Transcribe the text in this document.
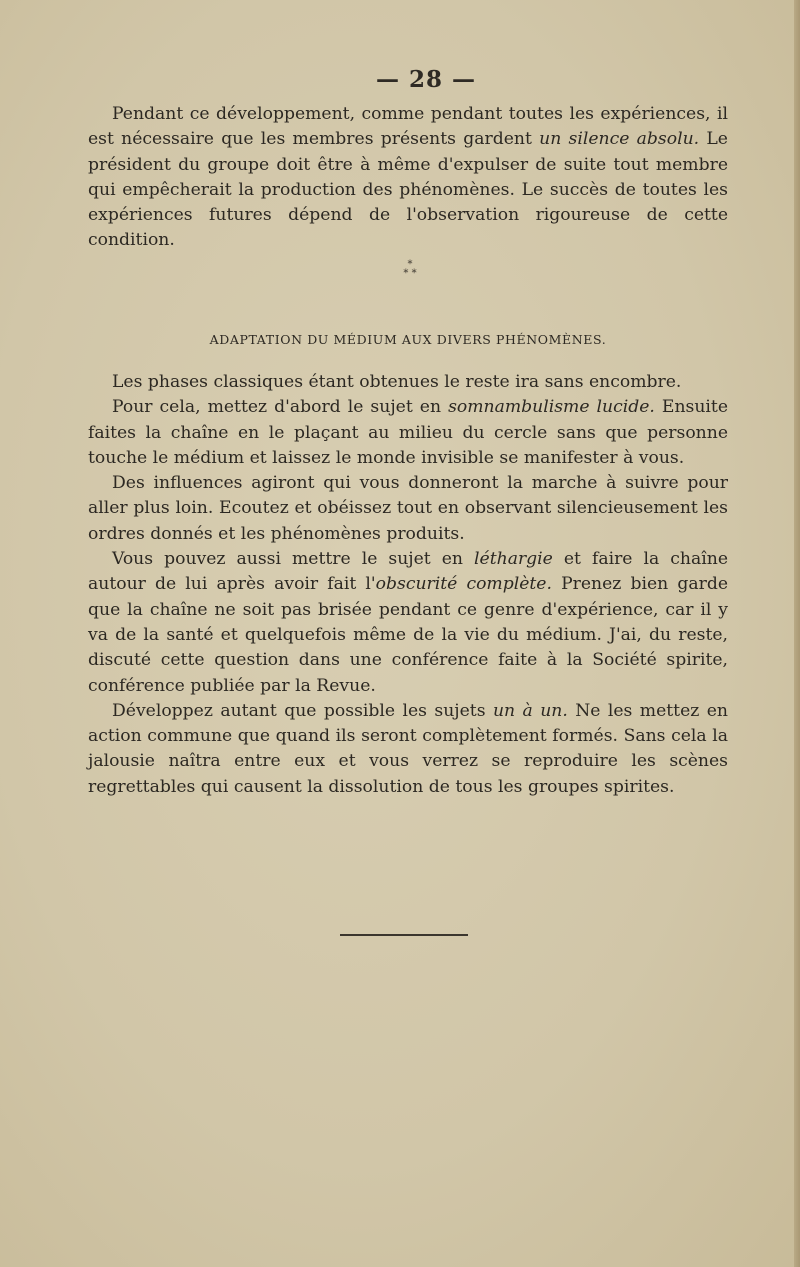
— 28 —

Pendant ce développement, comme pendant toutes les expériences, il est nécessaire que les membres présents gardent un silence absolu. Le président du groupe doit être à même d'expulser de suite tout membre qui empêcherait la production des phénomènes. Le succès de toutes les expériences futures dépend de l'observation rigoureuse de cette condition.

*
* *
ADAPTATION DU MÉDIUM AUX DIVERS PHÉNOMÈNES.

Les phases classiques étant obtenues le reste ira sans encombre.

Pour cela, mettez d'abord le sujet en somnambulisme lucide. Ensuite faites la chaîne en le plaçant au milieu du cercle sans que personne touche le médium et laissez le monde invisible se manifester à vous.

Des influences agiront qui vous donneront la marche à suivre pour aller plus loin. Ecoutez et obéissez tout en observant silencieusement les ordres donnés et les phénomènes produits.

Vous pouvez aussi mettre le sujet en léthargie et faire la chaîne autour de lui après avoir fait l'obscurité complète. Prenez bien garde que la chaîne ne soit pas brisée pendant ce genre d'expérience, car il y va de la santé et quelquefois même de la vie du médium. J'ai, du reste, discuté cette question dans une conférence faite à la Société spirite, conférence publiée par la Revue.

Développez autant que possible les sujets un à un. Ne les mettez en action commune que quand ils seront complètement formés. Sans cela la jalousie naîtra entre eux et vous verrez se reproduire les scènes regrettables qui causent la dissolution de tous les groupes spirites.
